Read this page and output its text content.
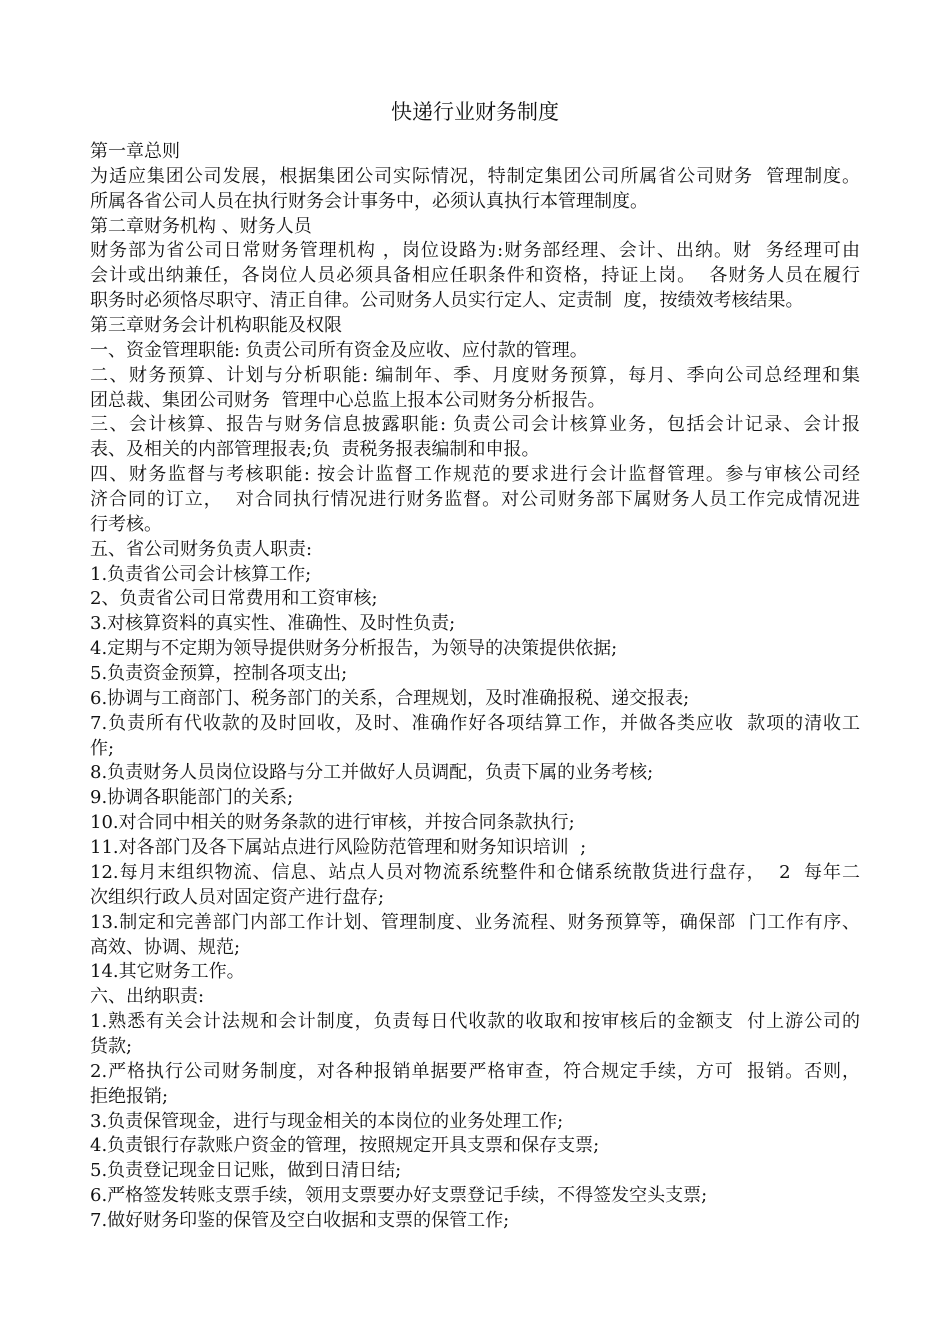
快递行业财务制度
第一章总则
为适应集团公司发展，根据集团公司实际情况，特制定集团公司所属省公司财务  管理制度。
所属各省公司人员在执行财务会计事务中，必须认真执行本管理制度。
第二章财务机构 、财务人员
财务部为省公司日常财务管理机构 ，岗位设路为:财务部经理、会计、出纳。财  务经理可由
会计或出纳兼任，各岗位人员必须具备相应任职条件和资格，持证上岗。  各财务人员在履行
职务时必须恪尽职守、清正自律。公司财务人员实行定人、定责制  度，按绩效考核结果。
第三章财务会计机构职能及权限
一、资金管理职能: 负责公司所有资金及应收、应付款的管理。
二、财务预算、计划与分析职能: 编制年、季、月度财务预算，每月、季向公司总经理和集
团总裁、集团公司财务  管理中心总监上报本公司财务分析报告。
三、会计核算、报告与财务信息披露职能: 负责公司会计核算业务，包括会计记录、会计报
表、及相关的内部管理报表;负  责税务报表编制和申报。
四、财务监督与考核职能: 按会计监督工作规范的要求进行会计监督管理。参与审核公司经
济合同的订立，  对合同执行情况进行财务监督。对公司财务部下属财务人员工作完成情况进
行考核。
五、省公司财务负责人职责:
1.负责省公司会计核算工作;
2、负责省公司日常费用和工资审核;
3.对核算资料的真实性、准确性、及时性负责;
4.定期与不定期为领导提供财务分析报告，为领导的决策提供依据;
5.负责资金预算，控制各项支出;
6.协调与工商部门、税务部门的关系，合理规划，及时准确报税、递交报表;
7.负责所有代收款的及时回收，及时、准确作好各项结算工作，并做各类应收  款项的清收工
作;
8.负责财务人员岗位设路与分工并做好人员调配，负责下属的业务考核;
9.协调各职能部门的关系;
10.对合同中相关的财务条款的进行审核，并按合同条款执行;
11.对各部门及各下属站点进行风险防范管理和财务知识培训  ;
12.每月末组织物流、信息、站点人员对物流系统整件和仓储系统散货进行盘存，  2  每年二
次组织行政人员对固定资产进行盘存;
13.制定和完善部门内部工作计划、管理制度、业务流程、财务预算等，确保部  门工作有序、
高效、协调、规范;
14.其它财务工作。
六、出纳职责:
1.熟悉有关会计法规和会计制度，负责每日代收款的收取和按审核后的金额支  付上游公司的
货款;
2.严格执行公司财务制度，对各种报销单据要严格审查，符合规定手续，方可  报销。否则，
拒绝报销;
3.负责保管现金，进行与现金相关的本岗位的业务处理工作;
4.负责银行存款账户资金的管理，按照规定开具支票和保存支票;
5.负责登记现金日记账，做到日清日结;
6.严格签发转账支票手续，领用支票要办好支票登记手续，不得签发空头支票;
7.做好财务印鉴的保管及空白收据和支票的保管工作;
